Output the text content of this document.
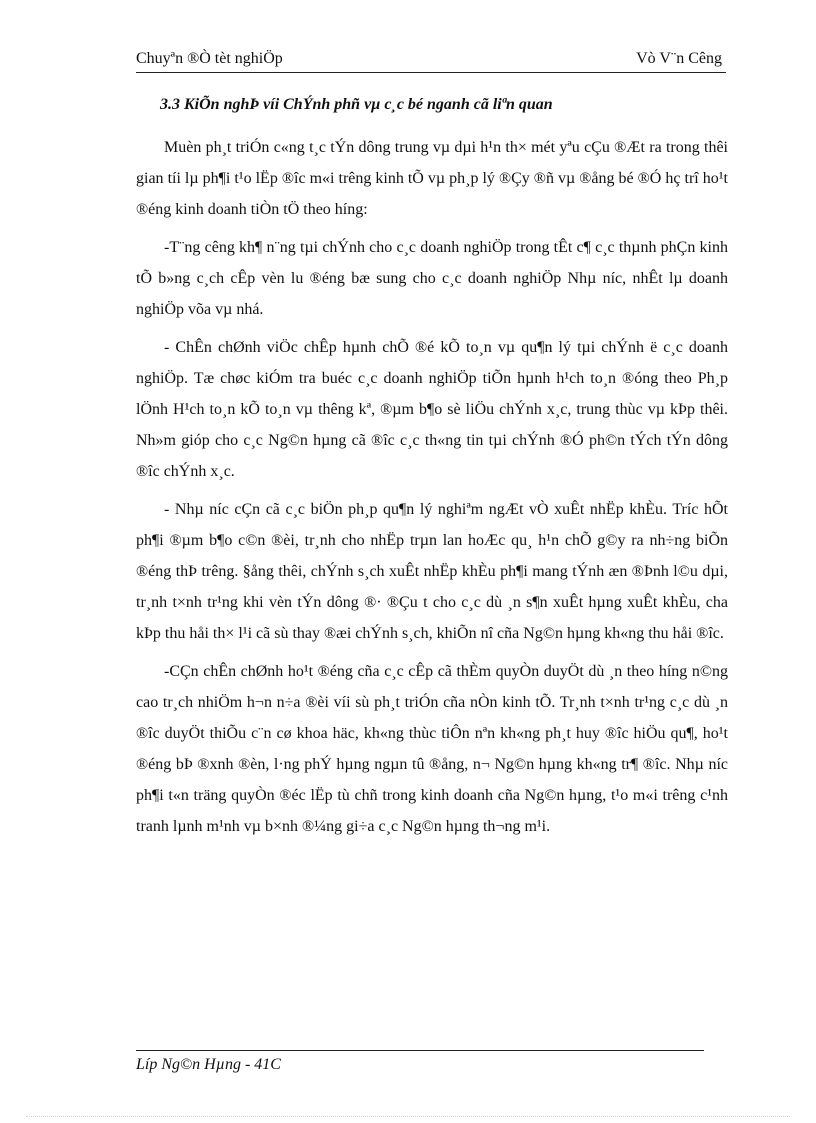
Chuyªn ®Ò tèt nghiÖp	Vò V¨n Cêng
3.3 KiÕn nghÞ víi ChÝnh phñ vµ c¸c bé nganh cã liªn quan

Muèn ph¸t triÓn c«ng t¸c tÝn dông trung vµ dµi h¹n th× mét yªu cÇu ®Æt ra trong thêi gian tíi lµ ph¶i t¹o lËp ®îc m«i trêng kinh tÕ vµ ph¸p lý ®Çy ®ñ vµ ®ång bé ®Ó hç trî ho¹t ®éng kinh doanh tiÒn tÖ theo híng:

-T¨ng cêng kh¶ n¨ng tµi chÝnh cho c¸c doanh nghiÖp trong tÊt c¶ c¸c thµnh phÇn kinh tÕ b»ng c¸ch cÊp vèn lu ®éng bæ sung cho c¸c doanh nghiÖp Nhµ níc, nhÊt lµ doanh nghiÖp võa vµ nhá.

- ChÊn chØnh viÖc chÊp hµnh chÕ ®é kÕ to¸n vµ qu¶n lý tµi chÝnh ë c¸c doanh nghiÖp. Tæ chøc kiÓm tra buéc c¸c doanh nghiÖp tiÕn hµnh h¹ch to¸n ®óng theo Ph¸p lÖnh H¹ch to¸n kÕ to¸n vµ thêng kª, ®µm b¶o sè liÖu chÝnh x¸c, trung thùc vµ kÞp thêi. Nh»m gióp cho c¸c Ng©n hµng cã ®îc c¸c th«ng tin tµi chÝnh ®Ó ph©n tÝch tÝn dông ®îc chÝnh x¸c.

- Nhµ níc cÇn cã c¸c biÖn ph¸p qu¶n lý nghiªm ngÆt vÒ xuÊt nhËp khÈu. Tríc hÕt ph¶i ®µm b¶o c©n ®èi, tr¸nh cho nhËp trµn lan hoÆc qu¸ h¹n chÕ g©y ra nh÷ng biÕn ®éng thÞ trêng. §ång thêi, chÝnh s¸ch xuÊt nhËp khÈu ph¶i mang tÝnh æn ®Þnh l©u dµi, tr¸nh t×nh tr¹ng khi vèn tÝn dông ®· ®Çu t cho c¸c dù ¸n s¶n xuÊt hµng xuÊt khÈu, cha kÞp thu håi th× l¹i cã sù thay ®æi chÝnh s¸ch, khiÕn nî cña Ng©n hµng kh«ng thu håi ®îc.

-CÇn chÊn chØnh ho¹t ®éng cña c¸c cÊp cã thÈm quyÒn duyÖt dù ¸n theo híng n©ng cao tr¸ch nhiÖm h¬n n÷a ®èi víi sù ph¸t triÓn cña nÒn kinh tÕ. Tr¸nh t×nh tr¹ng c¸c dù ¸n ®îc duyÖt thiÕu c¨n cø khoa häc, kh«ng thùc tiÔn nªn kh«ng ph¸t huy ®îc hiÖu qu¶, ho¹t ®éng bÞ ®xnh ®èn, l·ng phÝ hµng ngµn tû ®ång, n¬ Ng©n hµng kh«ng tr¶ ®îc. Nhµ níc ph¶i t«n träng quyÒn ®éc lËp tù chñ trong kinh doanh cña Ng©n hµng, t¹o m«i trêng c¹nh tranh lµnh m¹nh vµ b×nh ®¼ng gi÷a c¸c Ng©n hµng th¬ng m¹i.

Líp Ng©n Hµng - 41C
